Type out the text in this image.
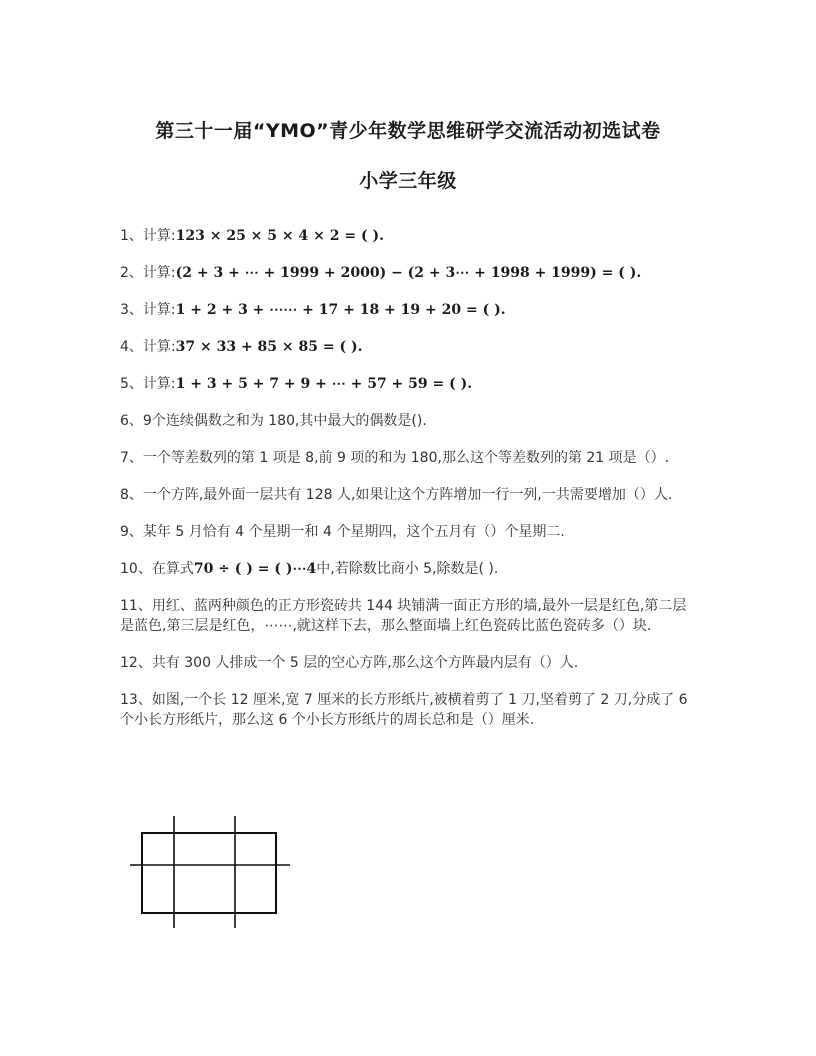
第三十一届“YMO”青少年数学思维研学交流活动初选试卷
小学三年级

1、计算:123 × 25 × 5 × 4 × 2 = ( ).

2、计算:(2 + 3 + ⋯ + 1999 + 2000) − (2 + 3⋯ + 1998 + 1999) = ( ).

3、计算:1 + 2 + 3 + ⋯⋯ + 17 + 18 + 19 + 20 = ( ).

4、计算:37 × 33 + 85 × 85 = ( ).

5、计算:1 + 3 + 5 + 7 + 9 + ⋯ + 57 + 59 = ( ).

6、9个连续偶数之和为 180,其中最大的偶数是().

7、一个等差数列的第 1 项是 8,前 9 项的和为 180,那么这个等差数列的第 21 项是（）.

8、一个方阵,最外面一层共有 128 人,如果让这个方阵增加一行一列,一共需要增加（）人.

9、某年 5 月恰有 4 个星期一和 4 个星期四，这个五月有（）个星期二.

10、在算式70 ÷ ( ) = ( )⋯4中,若除数比商小 5,除数是( ).

11、用红、蓝两种颜色的正方形瓷砖共 144 块铺满一面正方形的墙,最外一层是红色,第二层是蓝色,第三层是红色，⋯⋯,就这样下去，那么整面墙上红色瓷砖比蓝色瓷砖多（）块.

12、共有 300 人排成一个 5 层的空心方阵,那么这个方阵最内层有（）人.

13、如图,一个长 12 厘米,宽 7 厘米的长方形纸片,被横着剪了 1 刀,坚着剪了 2 刀,分成了 6 个小长方形纸片，那么这 6 个小长方形纸片的周长总和是（）厘米.
